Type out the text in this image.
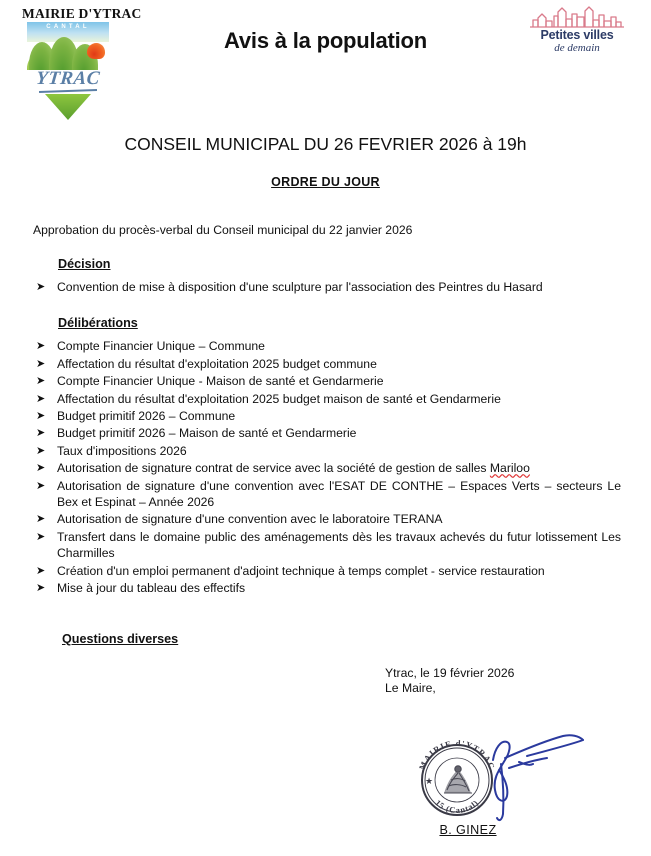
MAIRIE D'YTRAC
CANTAL
YTRAC
Avis à la population	Petites villes
de demain
CONSEIL MUNICIPAL DU 26 FEVRIER 2026 à 19h
ORDRE DU JOUR
Approbation du procès-verbal du Conseil municipal du 22 janvier 2026
Décision
➤ Convention de mise à disposition d'une sculpture par l'association des Peintres du Hasard
Délibérations
➤ Compte Financier Unique – Commune
➤ Affectation du résultat d'exploitation 2025 budget commune
➤ Compte Financier Unique - Maison de santé et Gendarmerie
➤ Affectation du résultat d'exploitation 2025 budget maison de santé et Gendarmerie
➤ Budget primitif 2026 – Commune
➤ Budget primitif 2026 – Maison de santé et Gendarmerie
➤ Taux d'impositions 2026
➤ Autorisation de signature contrat de service avec la société de gestion de salles Mariloo
➤ Autorisation de signature d'une convention avec l'ESAT DE CONTHE – Espaces Verts – secteurs Le Bex et Espinat – Année 2026
➤ Autorisation de signature d'une convention avec le laboratoire TERANA
➤ Transfert dans le domaine public des aménagements dès les travaux achevés du futur lotissement Les Charmilles
➤ Création d'un emploi permanent d'adjoint technique à temps complet - service restauration
➤ Mise à jour du tableau des effectifs
Questions diverses
Ytrac, le 19 février 2026
Le Maire,
MAIRIE d'YTRAC
15 (Cantal)
★
B. GINEZ
